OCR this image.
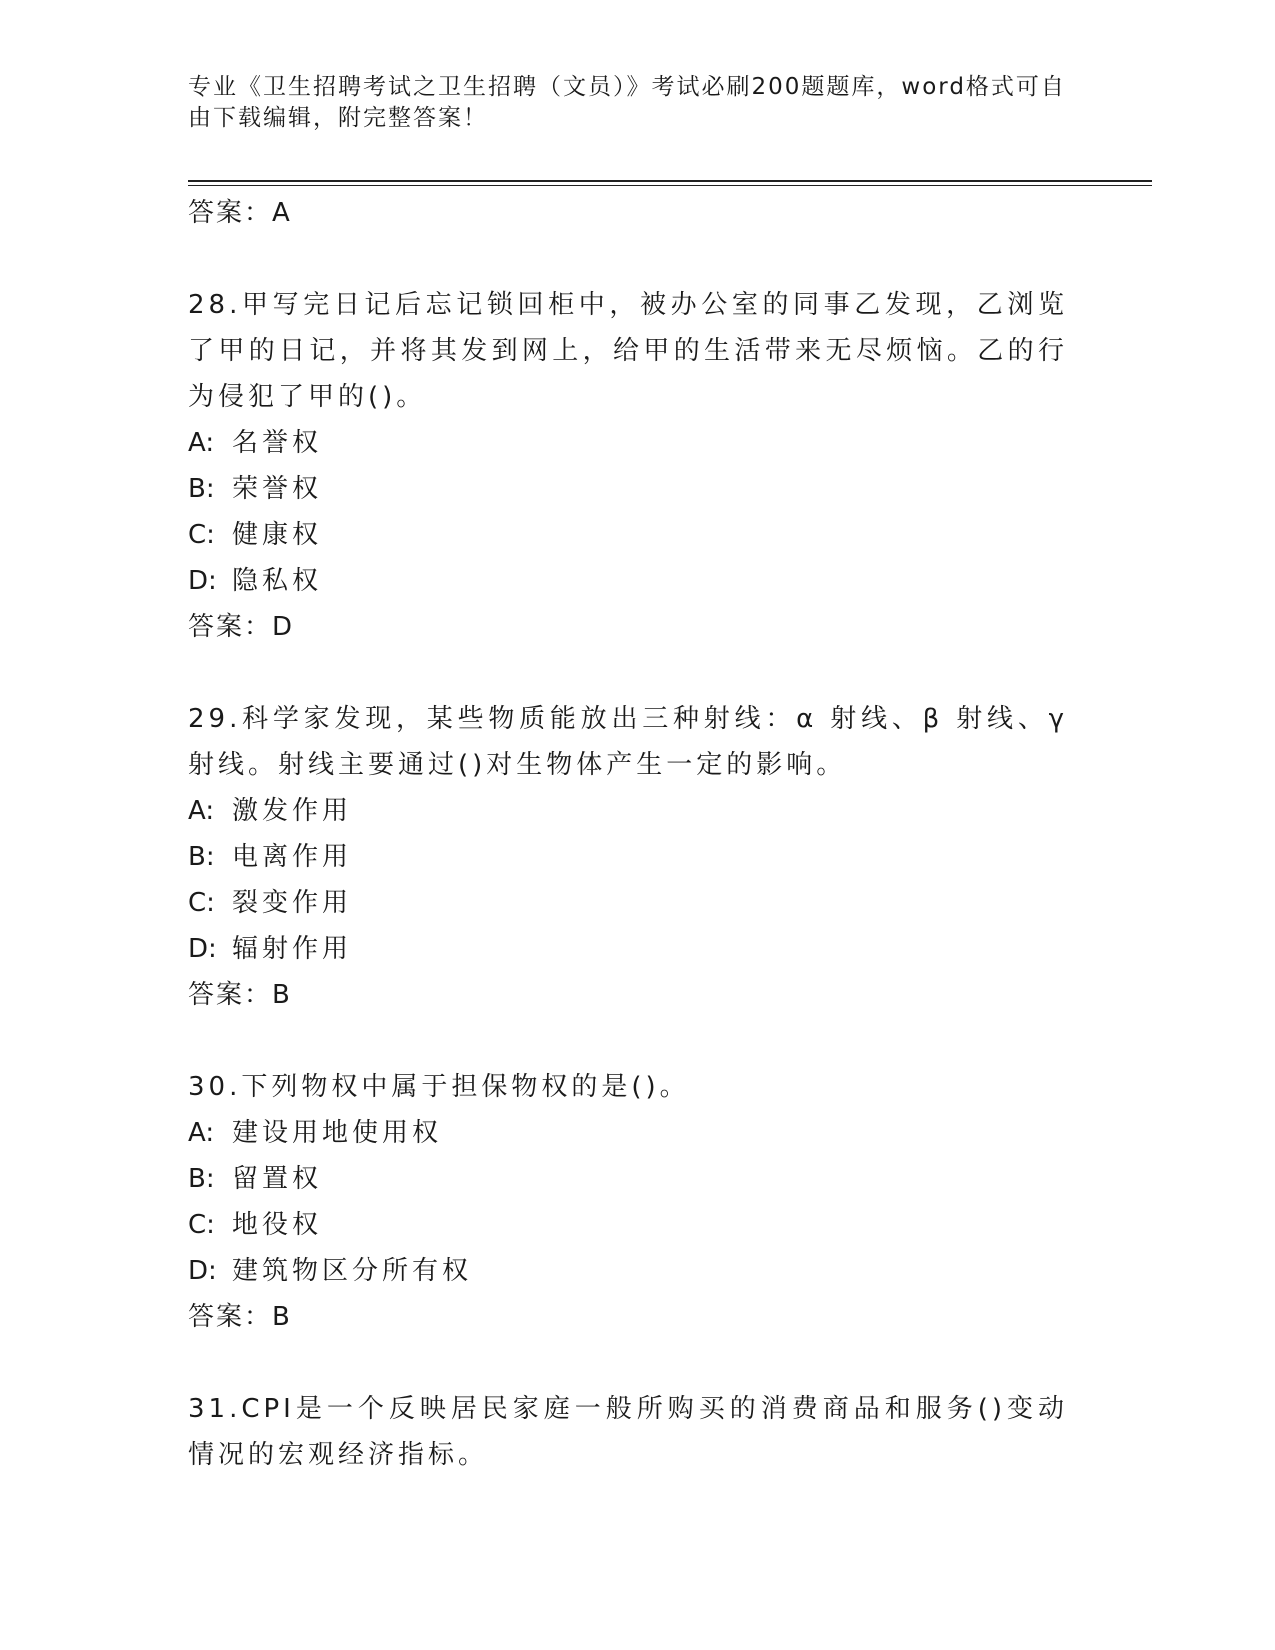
专业《卫生招聘考试之卫生招聘（文员）》考试必刷200题题库，word格式可自由下载编辑，附完整答案！
答案：A
28.甲写完日记后忘记锁回柜中，被办公室的同事乙发现，乙浏览了甲的日记，并将其发到网上，给甲的生活带来无尽烦恼。乙的行为侵犯了甲的()。
A: 名誉权
B: 荣誉权
C: 健康权
D: 隐私权
答案：D
29.科学家发现，某些物质能放出三种射线：α 射线、β 射线、γ 射线。射线主要通过()对生物体产生一定的影响。
A: 激发作用
B: 电离作用
C: 裂变作用
D: 辐射作用
答案：B
30.下列物权中属于担保物权的是()。
A: 建设用地使用权
B: 留置权
C: 地役权
D: 建筑物区分所有权
答案：B
31.CPI是一个反映居民家庭一般所购买的消费商品和服务()变动情况的宏观经济指标。
